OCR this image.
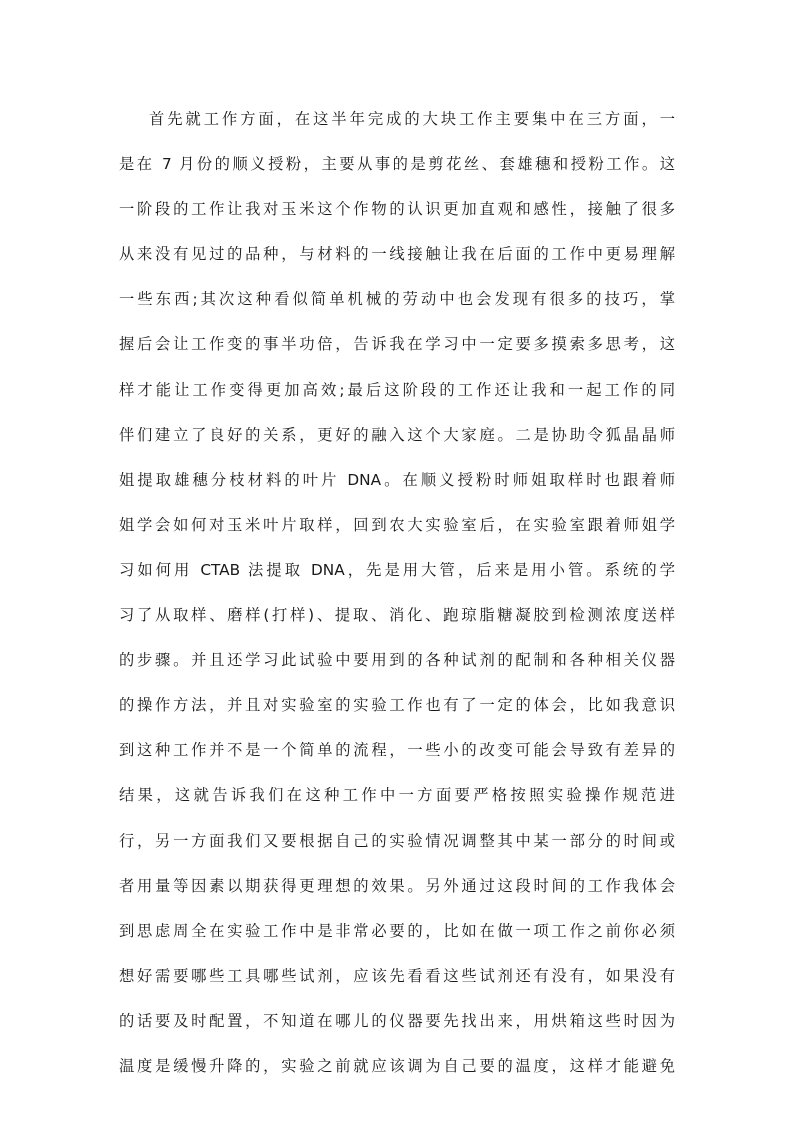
首先就工作方面，在这半年完成的大块工作主要集中在三方面，一
是在 7 月份的顺义授粉，主要从事的是剪花丝、套雄穗和授粉工作。这
一阶段的工作让我对玉米这个作物的认识更加直观和感性，接触了很多
从来没有见过的品种，与材料的一线接触让我在后面的工作中更易理解
一些东西;其次这种看似简单机械的劳动中也会发现有很多的技巧，掌
握后会让工作变的事半功倍，告诉我在学习中一定要多摸索多思考，这
样才能让工作变得更加高效;最后这阶段的工作还让我和一起工作的同
伴们建立了良好的关系，更好的融入这个大家庭。二是协助令狐晶晶师
姐提取雄穗分枝材料的叶片 DNA。在顺义授粉时师姐取样时也跟着师
姐学会如何对玉米叶片取样，回到农大实验室后，在实验室跟着师姐学
习如何用 CTAB 法提取 DNA，先是用大管，后来是用小管。系统的学
习了从取样、磨样(打样)、提取、消化、跑琼脂糖凝胶到检测浓度送样
的步骤。并且还学习此试验中要用到的各种试剂的配制和各种相关仪器
的操作方法，并且对实验室的实验工作也有了一定的体会，比如我意识
到这种工作并不是一个简单的流程，一些小的改变可能会导致有差异的
结果，这就告诉我们在这种工作中一方面要严格按照实验操作规范进
行，另一方面我们又要根据自己的实验情况调整其中某一部分的时间或
者用量等因素以期获得更理想的效果。另外通过这段时间的工作我体会
到思虑周全在实验工作中是非常必要的，比如在做一项工作之前你必须
想好需要哪些工具哪些试剂，应该先看看这些试剂还有没有，如果没有
的话要及时配置，不知道在哪儿的仪器要先找出来，用烘箱这些时因为
温度是缓慢升降的，实验之前就应该调为自己要的温度，这样才能避免
